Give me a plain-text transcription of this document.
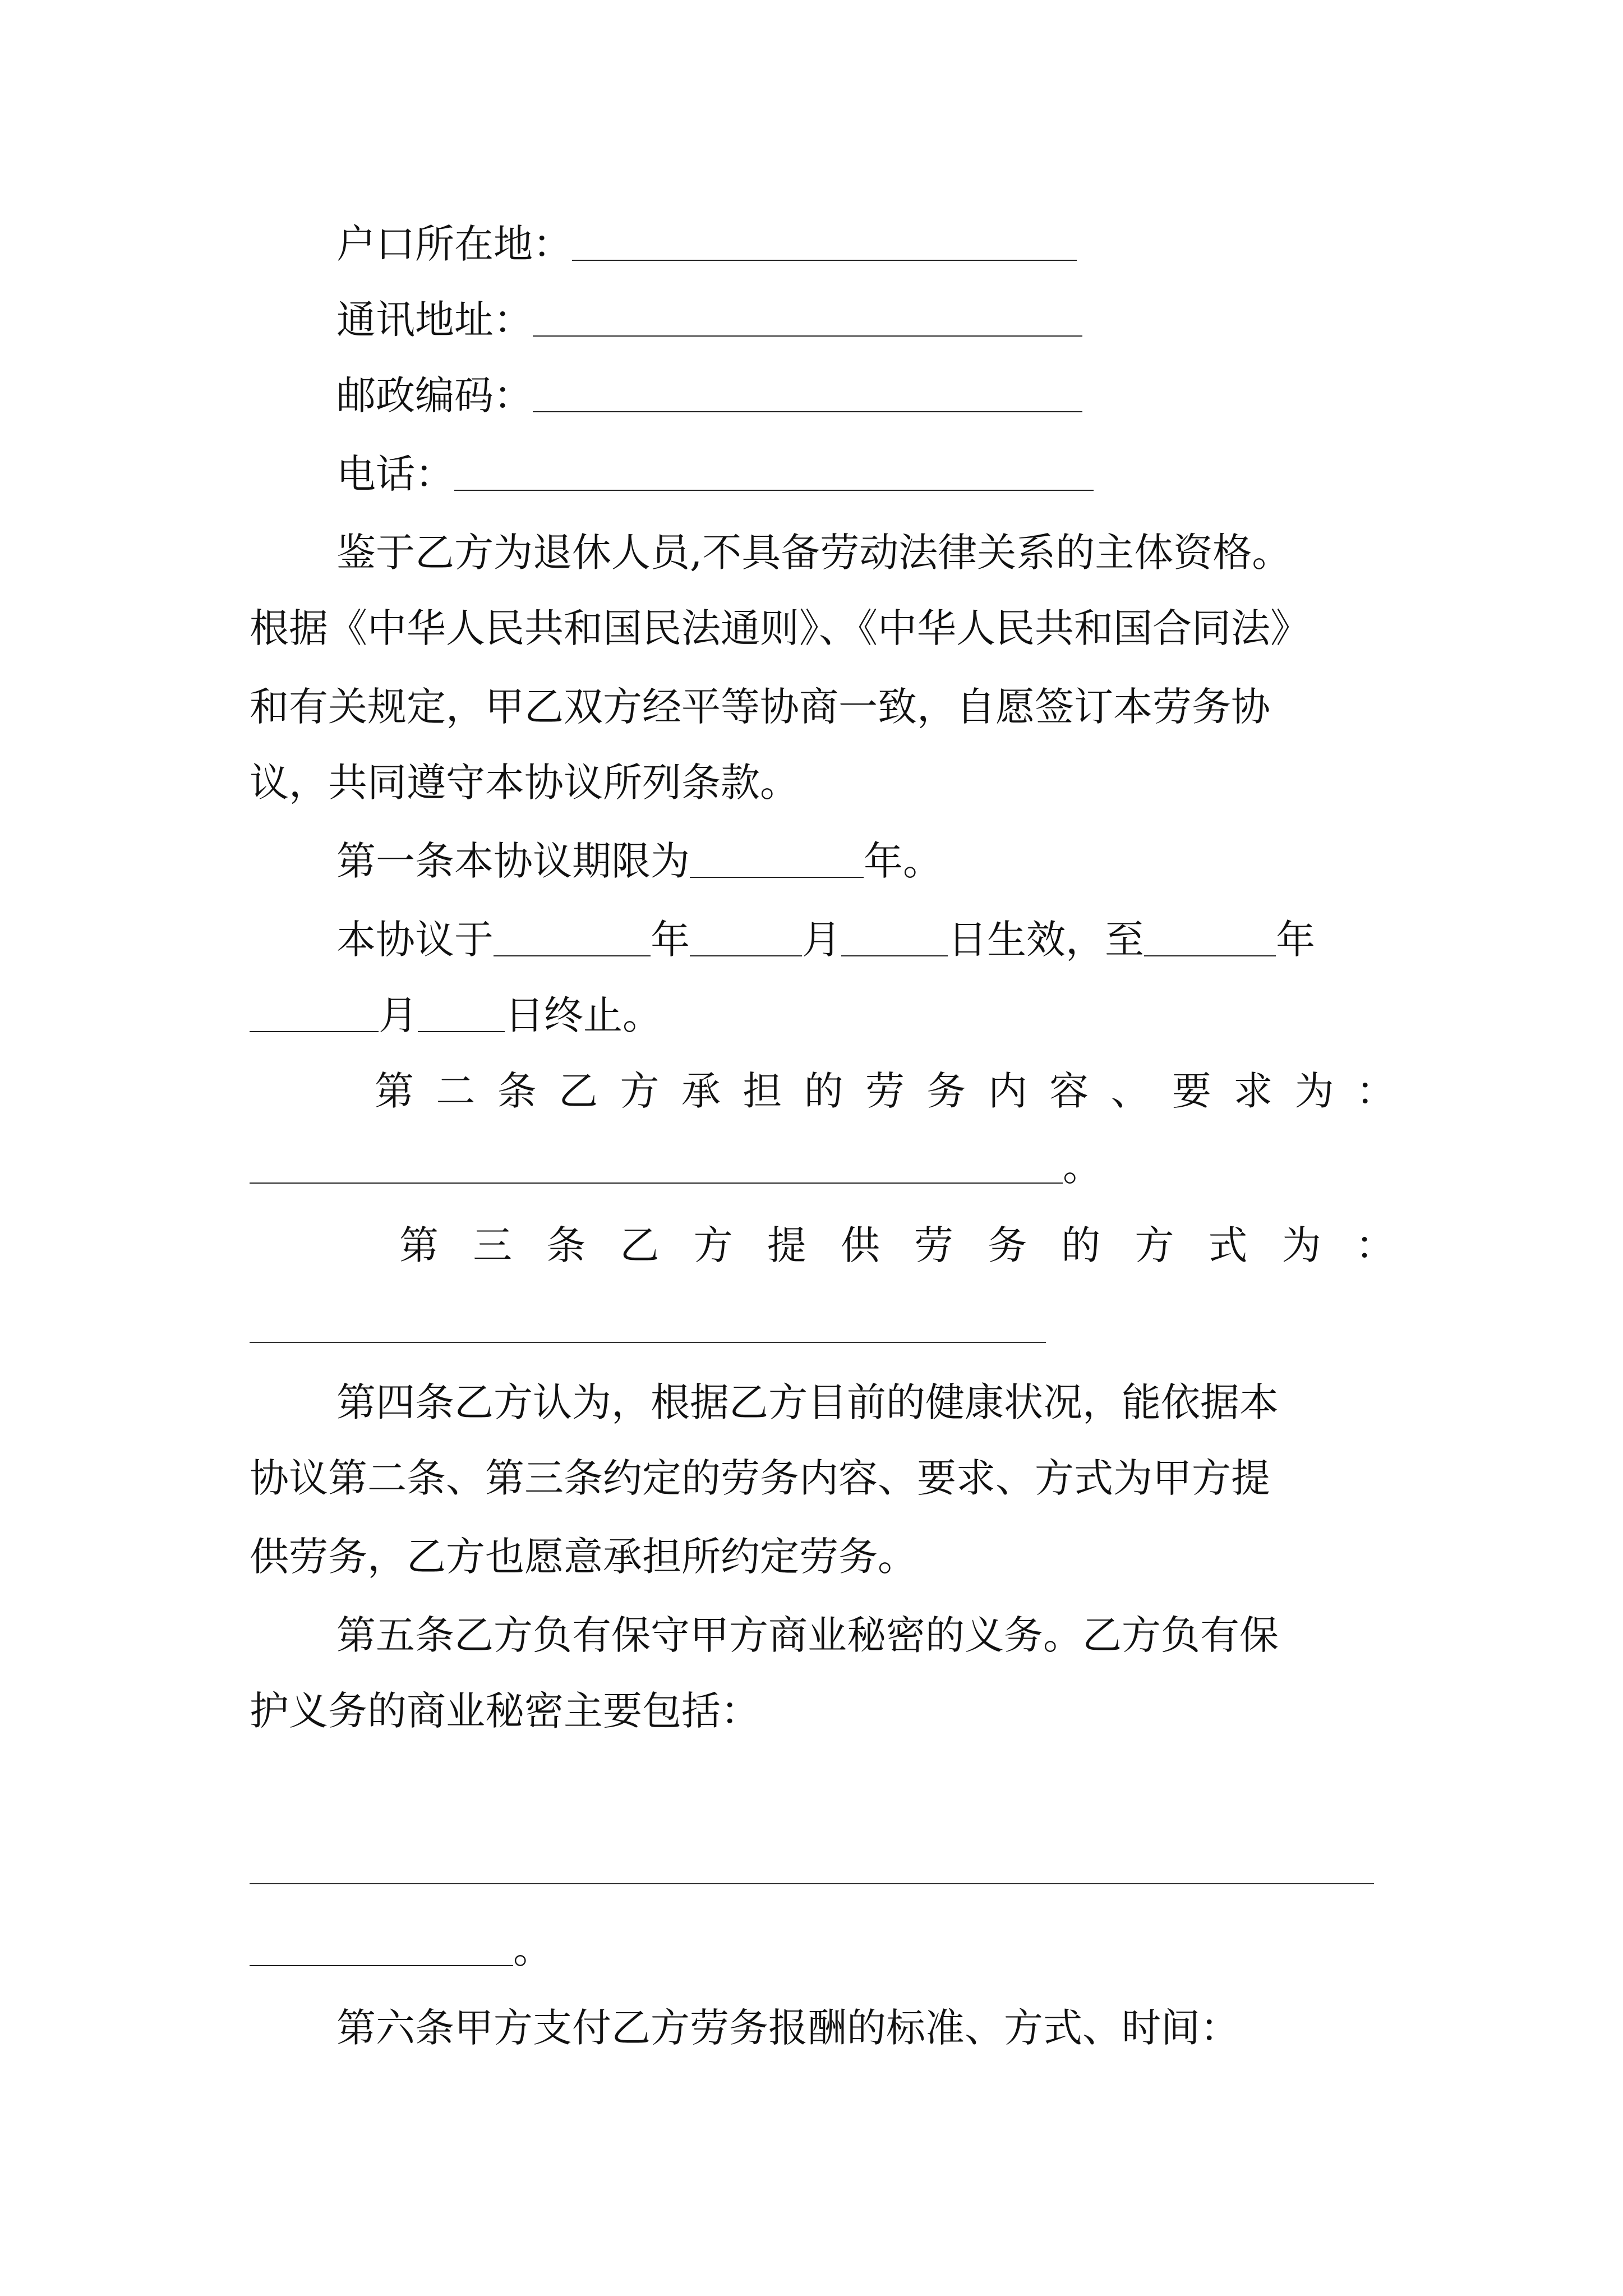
户口所在地：
通讯地址：
邮政编码：
电话：
鉴于乙方为退休人员,不具备劳动法律关系的主体资格。
根据《中华人民共和国民法通则》、《中华人民共和国合同法》
和有关规定，甲乙双方经平等协商一致，自愿签订本劳务协
议，共同遵守本协议所列条款。
第一条本协议期限为	年。
本协议于	年	月	日生效，至	年
月 日终止。
第 二 条 乙 方 承 担 的 劳 务 内 容 、 要 求 为 ：
。
第 三 条 乙 方 提 供 劳 务 的 方 式 为 ：
第四条乙方认为，根据乙方目前的健康状况，能依据本
协议第二条、第三条约定的劳务内容、要求、方式为甲方提
供劳务，乙方也愿意承担所约定劳务。
第五条乙方负有保守甲方商业秘密的义务。乙方负有保
护义务的商业秘密主要包括：
。
第六条甲方支付乙方劳务报酬的标准、方式、时间：
